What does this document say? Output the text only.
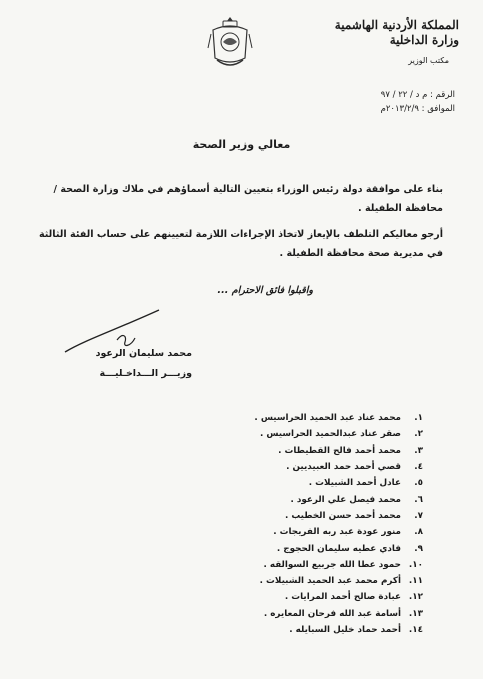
المملكة الأردنية الهاشمية
وزارة الداخلية
مكتب الوزير
الرقم : م د / ٢٢ / ٩٧
الموافق : ٢٠١٣/٢/٩م
معالي وزير الصحة
بناء على موافقة دولة رئيس الوزراء بتعيين التالية أسماؤهم في ملاك وزارة الصحة / محافظة الطفيلة .
أرجو معاليكم التلطف بالإيعاز لاتخاذ الإجراءات اللازمة لتعيينهم على حساب الفئة الثالثة في مديرية صحة محافظة الطفيلة .
واقبلوا فائق الاحترام ...
محمد سليمان الرعود
وزيـــر الـــداخـليـــة
١.
محمد عناد عبد الحميد الحراسيس .
٢.
صقر عناد عبدالحميد الحراسيس .
٣.
محمد أحمد فالح القطيطات .
٤.
قصي أحمد حمد العبيديين .
٥.
عادل أحمد الشبيلات .
٦.
محمد فيصل علي الرعود .
٧.
محمد أحمد حسن الخطيب .
٨.
منور عودة عبد ربه الفريجات .
٩.
فادي عطيه سليمان الحجوج .
١٠.
حمود عطا الله جربيع السوالقه .
١١.
أكرم محمد عبد الحميد الشبيلات .
١٢.
عبادة صالح أحمد المرايات .
١٣.
أسامة عبد الله فرحان المعايره .
١٤.
أحمد حماد خليل السبايله .
